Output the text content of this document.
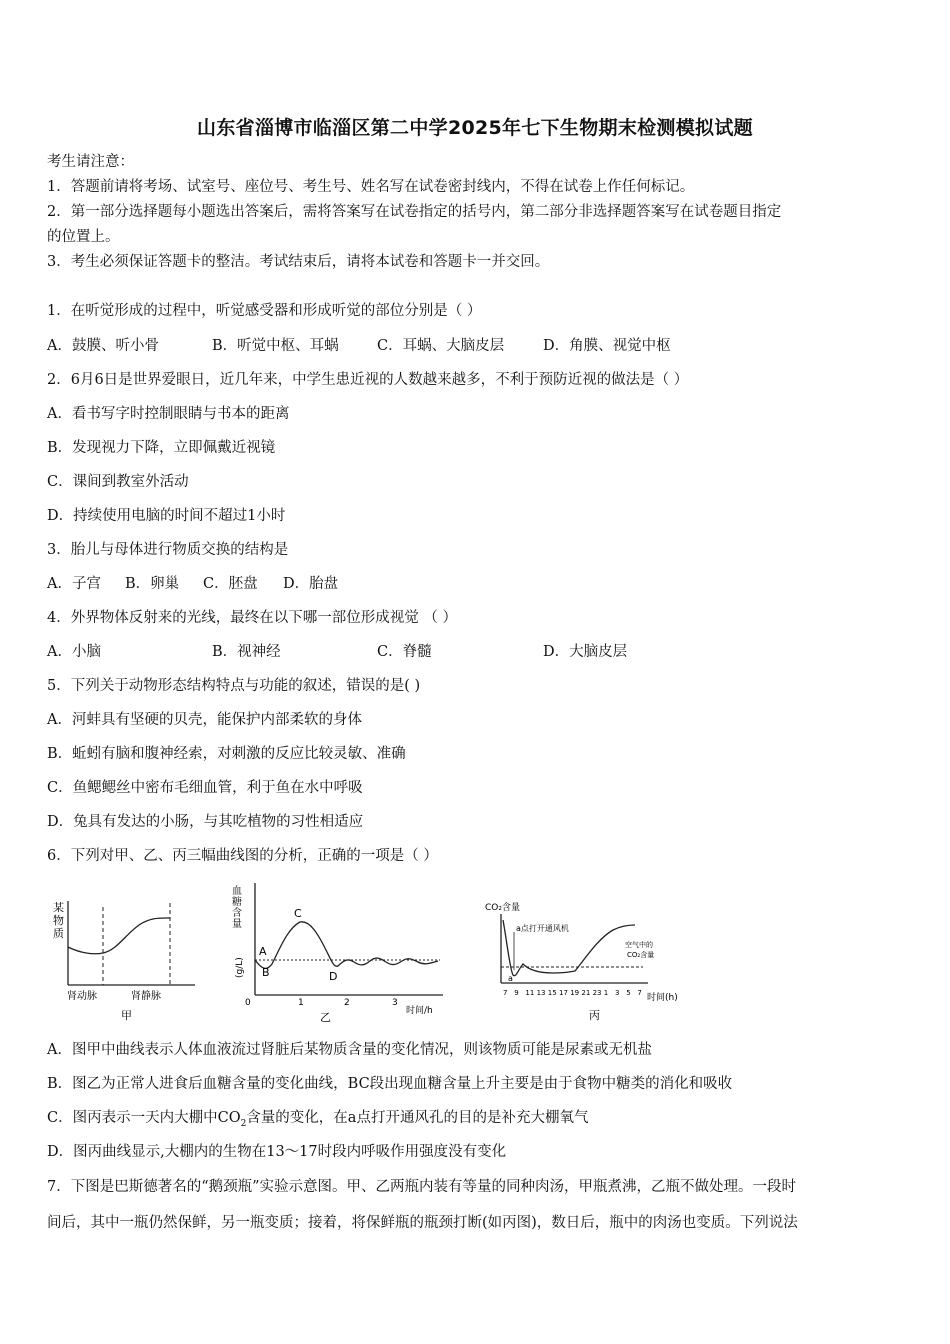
山东省淄博市临淄区第二中学2025年七下生物期末检测模拟试题
考生请注意：
1．答题前请将考场、试室号、座位号、考生号、姓名写在试卷密封线内，不得在试卷上作任何标记。
2．第一部分选择题每小题选出答案后，需将答案写在试卷指定的括号内，第二部分非选择题答案写在试卷题目指定
的位置上。
3．考生必须保证答题卡的整洁。考试结束后，请将本试卷和答题卡一并交回。
1．在听觉形成的过程中，听觉感受器和形成听觉的部位分别是（ ）
A．鼓膜、听小骨	B．听觉中枢、耳蜗	C．耳蜗、大脑皮层	D．角膜、视觉中枢
2．6月6日是世界爱眼日，近几年来，中学生患近视的人数越来越多，不利于预防近视的做法是（ ）
A．看书写字时控制眼睛与书本的距离
B．发现视力下降，立即佩戴近视镜
C．课间到教室外活动
D．持续使用电脑的时间不超过1小时
3．胎儿与母体进行物质交换的结构是
A．子宫 B．卵巢 C．胚盘 D．胎盘
4．外界物体反射来的光线，最终在以下哪一部位形成视觉 （ ）
A．小脑	B．视神经	C．脊髓	D．大脑皮层
5．下列关于动物形态结构特点与功能的叙述，错误的是( )
A．河蚌具有坚硬的贝壳，能保护内部柔软的身体
B．蚯蚓有脑和腹神经索，对刺激的反应比较灵敏、准确
C．鱼鳃鳃丝中密布毛细血管，利于鱼在水中呼吸
D．兔具有发达的小肠，与其吃植物的习性相适应
6．下列对甲、乙、丙三幅曲线图的分析，正确的一项是（ ）
某
物
质
肾动脉	肾静脉
甲
血
糖
含
量
(g/L)
A
B
C
D
0	1	2	3
时间/h
乙
CO₂含量
a点打开通风机
空气中的
CO₂含量
a
7 9 11 13 15 17 19 21 23 1 3 5 7 时间(h)
丙
A．图甲中曲线表示人体血液流过肾脏后某物质含量的变化情况，则该物质可能是尿素或无机盐
B．图乙为正常人进食后血糖含量的变化曲线，BC段出现血糖含量上升主要是由于食物中糖类的消化和吸收
C．图丙表示一天内大棚中$CO_2$含量的变化，在a点打开通风孔的目的是补充大棚氧气
D．图丙曲线显示,大棚内的生物在13～17时段内呼吸作用强度没有变化
7．下图是巴斯德著名的“鹅颈瓶”实验示意图。甲、乙两瓶内装有等量的同种肉汤，甲瓶煮沸，乙瓶不做处理。一段时
间后，其中一瓶仍然保鲜，另一瓶变质；接着，将保鲜瓶的瓶颈打断(如丙图)，数日后，瓶中的肉汤也变质。下列说法
